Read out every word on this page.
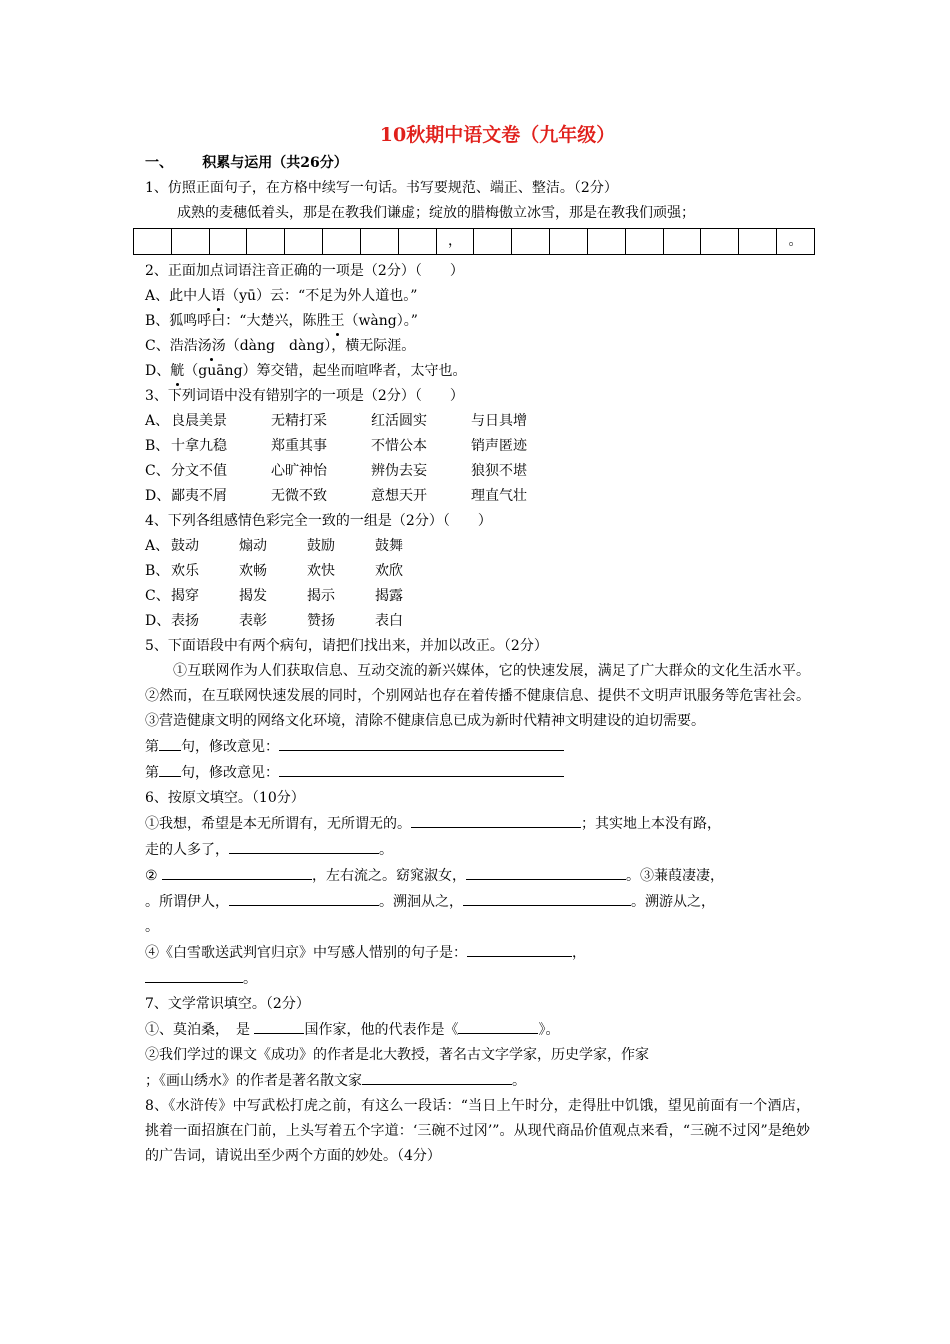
10秋期中语文卷（九年级）
一、 积累与运用（共26分）
1、仿照正面句子，在方格中续写一句话。书写要规范、端正、整洁。（2分）
成熟的麦穗低着头，那是在教我们谦虚；绽放的腊梅傲立冰雪，那是在教我们顽强；
，	。
2、正面加点词语注音正确的一项是（2分）（　　）
A、此中人语（yū）云：“不足为外人道也。”
B、狐鸣呼曰：“大楚兴，陈胜王（wàng）。”
C、浩浩汤汤（dàng　dàng），横无际涯。
D、觥（guāng）筹交错，起坐而喧哗者，太守也。
3、下列词语中没有错别字的一项是（2分）（　　）
A、 良晨美景	无精打采	红活圆实	与日具增
B、 十拿九稳	郑重其事	不惜公本	销声匿迹
C、 分文不值	心旷神怡	辨伪去妄	狼狈不堪
D、 鄙夷不屑	无微不致	意想天开	理直气壮
4、下列各组感情色彩完全一致的一组是（2分）（　　）
A、 鼓动	煽动	鼓励	鼓舞
B、 欢乐	欢畅	欢快	欢欣
C、 揭穿	揭发	揭示	揭露
D、 表扬	表彰	赞扬	表白
5、下面语段中有两个病句，请把们找出来，并加以改正。（2分）
①互联网作为人们获取信息、互动交流的新兴媒体，它的快速发展，满足了广大群众的文化生活水平。②然而，在互联网快速发展的同时，个别网站也存在着传播不健康信息、提供不文明声讯服务等危害社会。③营造健康文明的网络文化环境，清除不健康信息已成为新时代精神文明建设的迫切需要。
第 句，修改意见：
第 句，修改意见：
6、按原文填空。（10分）
①我想，希望是本无所谓有，无所谓无的。	；其实地上本没有路，
走的人多了，	。
②	，左右流之。窈窕淑女，	。③蒹葭凄凄，
。所谓伊人，	。溯洄从之，	。溯游从之，
。
④《白雪歌送武判官归京》中写感人惜别的句子是：	，
。
7、文学常识填空。（2分）
①、莫泊桑，　是	国作家，他的代表作是《	》。
②我们学过的课文《成功》的作者是北大教授，著名古文字学家，历史学家，作家
；《画山绣水》的作者是著名散文家	。
8、《水浒传》中写武松打虎之前，有这么一段话：“当日上午时分，走得肚中饥饿，望见前面有一个酒店，挑着一面招旗在门前，上头写着五个字道：‘三碗不过冈’”。从现代商品价值观点来看，“三碗不过冈”是绝妙的广告词，请说出至少两个方面的妙处。（4分）
